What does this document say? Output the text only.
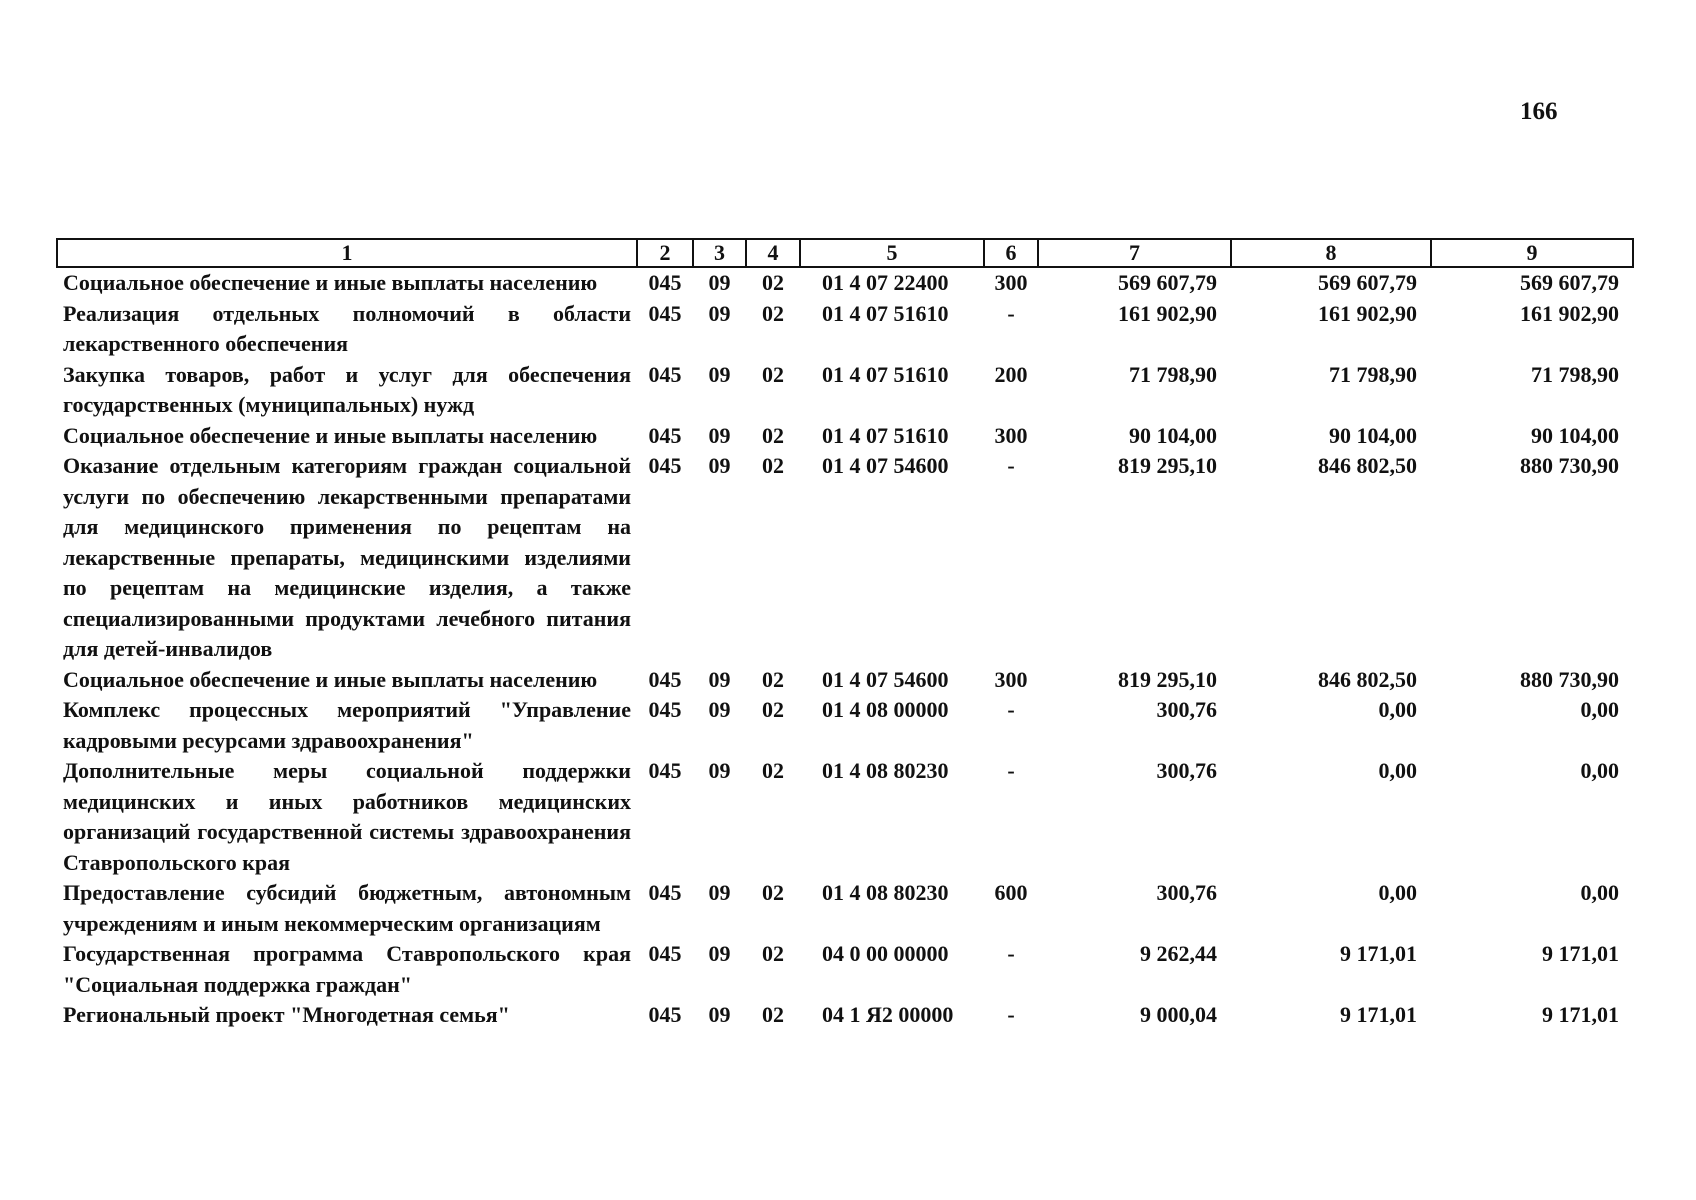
166
1	2	3	4	5	6	7	8	9
Социальное обеспечение и иные выплаты населению	045	09	02	01 4 07 22400	300	569 607,79	569 607,79	569 607,79
Реализация отдельных полномочий в области лекарственного обеспечения	045	09	02	01 4 07 51610	-	161 902,90	161 902,90	161 902,90
Закупка товаров, работ и услуг для обеспечения государственных (муниципальных) нужд	045	09	02	01 4 07 51610	200	71 798,90	71 798,90	71 798,90
Социальное обеспечение и иные выплаты населению	045	09	02	01 4 07 51610	300	90 104,00	90 104,00	90 104,00
Оказание отдельным категориям граждан социальной услуги по обеспечению лекарственными препаратами для медицинского применения по рецептам на лекарственные препараты, медицинскими изделиями по рецептам на медицинские изделия, а также специализированными продуктами лечебного питания для детей-инвалидов	045	09	02	01 4 07 54600	-	819 295,10	846 802,50	880 730,90
Социальное обеспечение и иные выплаты населению	045	09	02	01 4 07 54600	300	819 295,10	846 802,50	880 730,90
Комплекс процессных мероприятий "Управление кадровыми ресурсами здравоохранения"	045	09	02	01 4 08 00000	-	300,76	0,00	0,00
Дополнительные меры социальной поддержки медицинских и иных работников медицинских организаций государственной системы здравоохранения Ставропольского края	045	09	02	01 4 08 80230	-	300,76	0,00	0,00
Предоставление субсидий бюджетным, автономным учреждениям и иным некоммерческим организациям	045	09	02	01 4 08 80230	600	300,76	0,00	0,00
Государственная программа Ставропольского края "Социальная поддержка граждан"	045	09	02	04 0 00 00000	-	9 262,44	9 171,01	9 171,01
Региональный проект "Многодетная семья"	045	09	02	04 1 Я2 00000	-	9 000,04	9 171,01	9 171,01
